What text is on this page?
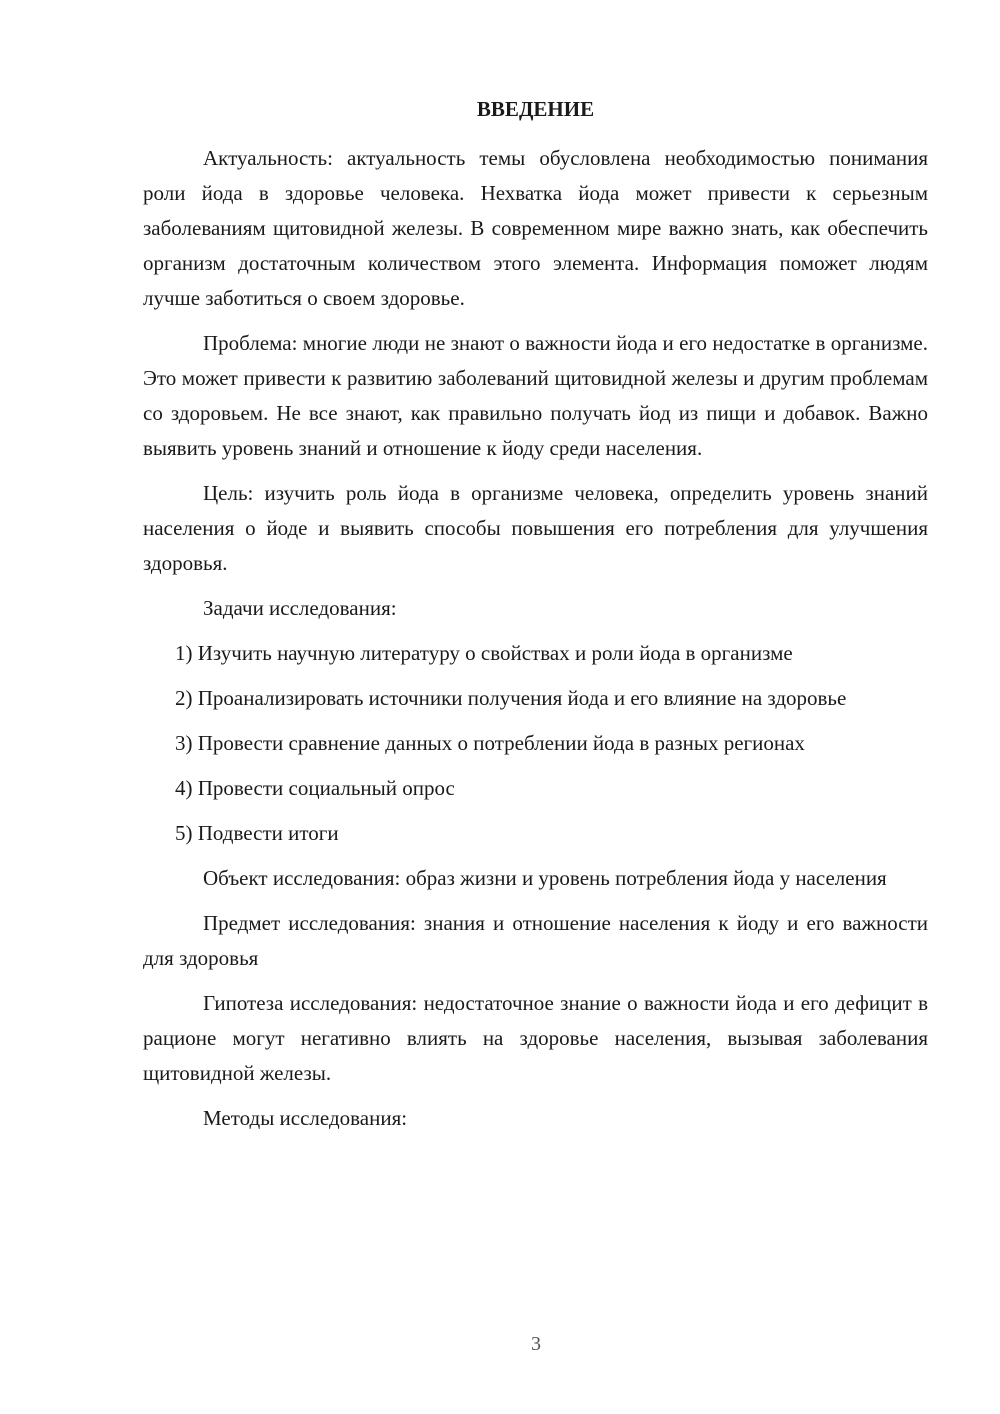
ВВЕДЕНИЕ

Актуальность: актуальность темы обусловлена необходимостью понимания роли йода в здоровье человека. Нехватка йода может привести к серьезным заболеваниям щитовидной железы. В современном мире важно знать, как обеспечить организм достаточным количеством этого элемента. Информация поможет людям лучше заботиться о своем здоровье.

Проблема: многие люди не знают о важности йода и его недостатке в организме. Это может привести к развитию заболеваний щитовидной железы и другим проблемам со здоровьем. Не все знают, как правильно получать йод из пищи и добавок. Важно выявить уровень знаний и отношение к йоду среди населения.

Цель: изучить роль йода в организме человека, определить уровень знаний населения о йоде и выявить способы повышения его потребления для улучшения здоровья.

Задачи исследования:

1) Изучить научную литературу о свойствах и роли йода в организме

2) Проанализировать источники получения йода и его влияние на здоровье

3) Провести сравнение данных о потреблении йода в разных регионах

4) Провести социальный опрос

5) Подвести итоги

Объект исследования: образ жизни и уровень потребления йода у населения

Предмет исследования: знания и отношение населения к йоду и его важности для здоровья

Гипотеза исследования: недостаточное знание о важности йода и его дефицит в рационе могут негативно влиять на здоровье населения, вызывая заболевания щитовидной железы.

Методы исследования:

3
